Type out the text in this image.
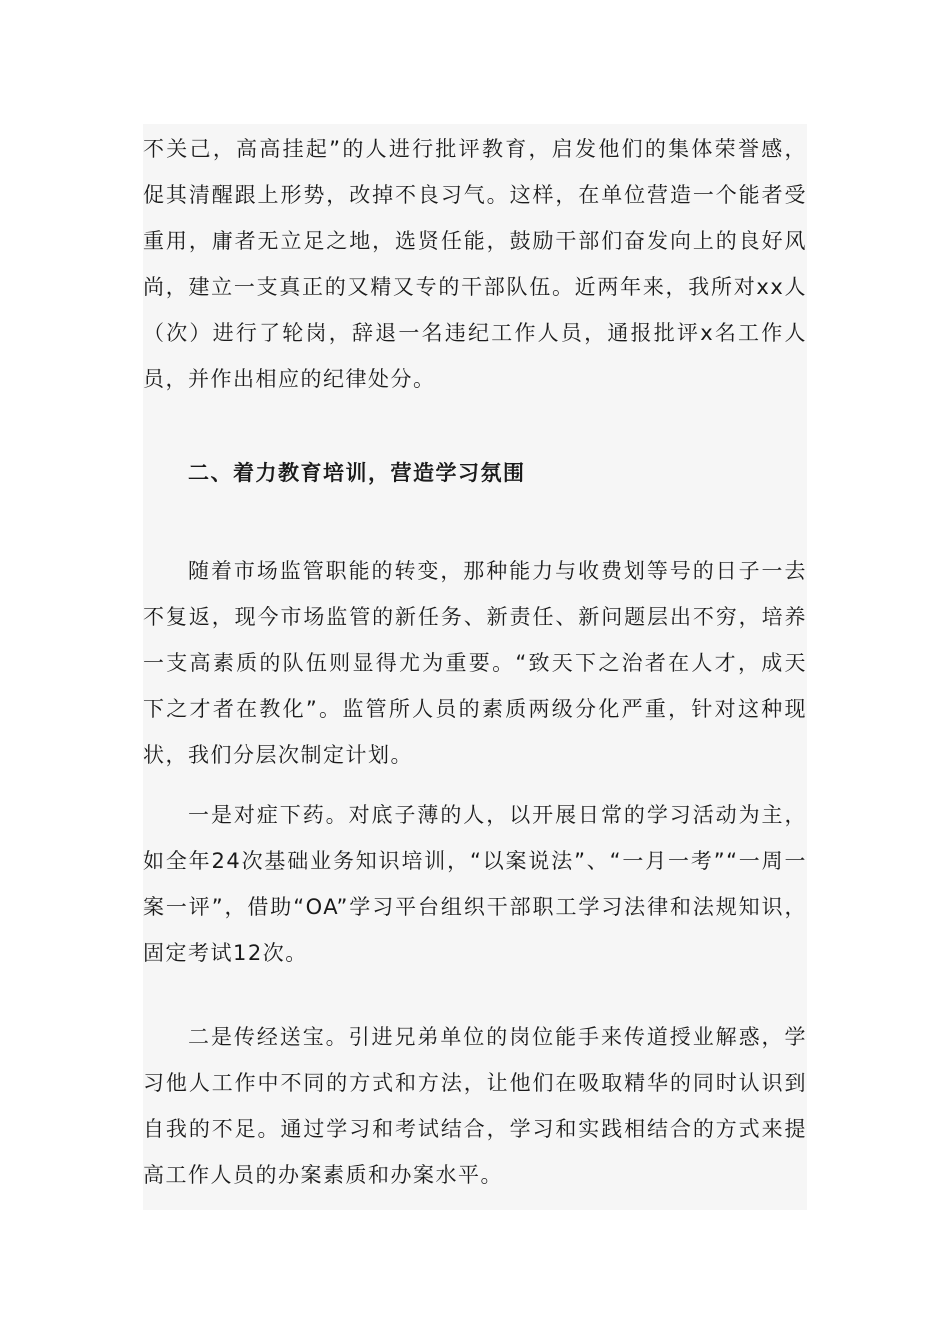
不关己，高高挂起”的人进行批评教育，启发他们的集体荣誉感，促其清醒跟上形势，改掉不良习气。这样，在单位营造一个能者受重用，庸者无立足之地，选贤任能，鼓励干部们奋发向上的良好风尚，建立一支真正的又精又专的干部队伍。近两年来，我所对xx人（次）进行了轮岗，辞退一名违纪工作人员，通报批评x名工作人员，并作出相应的纪律处分。

二、着力教育培训，营造学习氛围

随着市场监管职能的转变，那种能力与收费划等号的日子一去不复返，现今市场监管的新任务、新责任、新问题层出不穷，培养一支高素质的队伍则显得尤为重要。“致天下之治者在人才，成天下之才者在教化”。监管所人员的素质两级分化严重，针对这种现状，我们分层次制定计划。

一是对症下药。对底子薄的人，以开展日常的学习活动为主，如全年24次基础业务知识培训，“以案说法”、“一月一考”“一周一案一评”，借助“OA”学习平台组织干部职工学习法律和法规知识，固定考试12次。

二是传经送宝。引进兄弟单位的岗位能手来传道授业解惑，学习他人工作中不同的方式和方法，让他们在吸取精华的同时认识到自我的不足。通过学习和考试结合，学习和实践相结合的方式来提高工作人员的办案素质和办案水平。
